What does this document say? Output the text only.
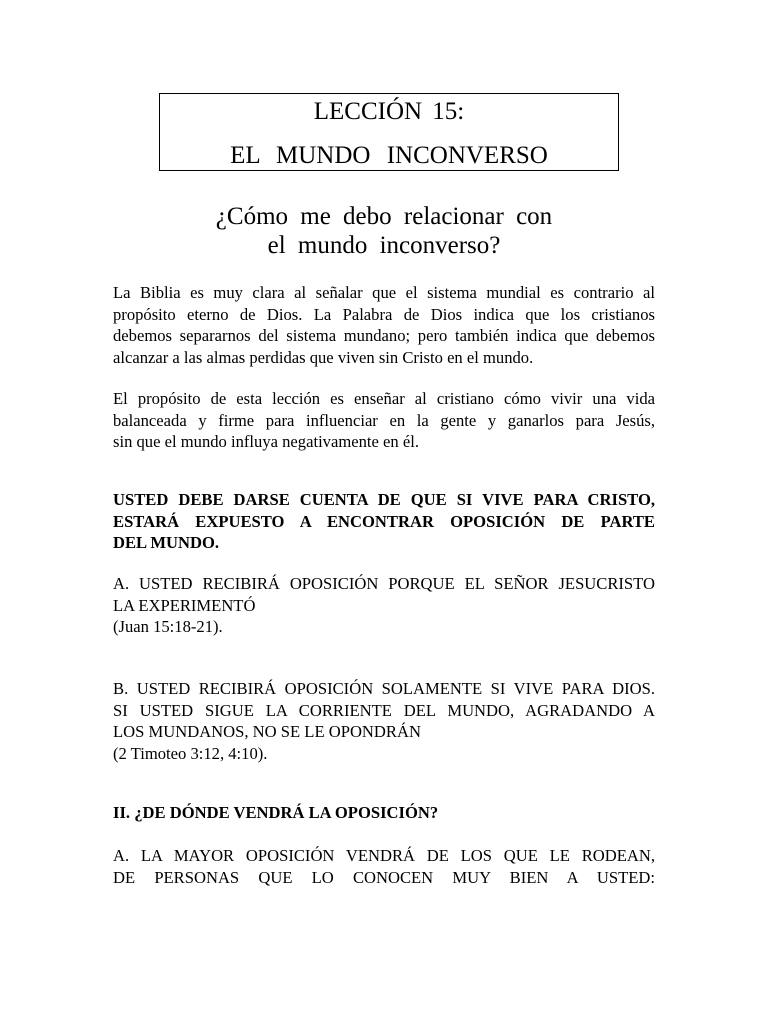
LECCIÓN 15:
EL MUNDO INCONVERSO
¿Cómo me debo relacionar con
el mundo inconverso?
La Biblia es muy clara al señalar que el sistema mundial es contrario al
propósito eterno de Dios. La Palabra de Dios indica que los cristianos
debemos separarnos del sistema mundano; pero también indica que debemos
alcanzar a las almas perdidas que viven sin Cristo en el mundo.
El propósito de esta lección es enseñar al cristiano cómo vivir una vida
balanceada y firme para influenciar en la gente y ganarlos para Jesús,
sin que el mundo influya negativamente en él.
USTED DEBE DARSE CUENTA DE QUE SI VIVE PARA CRISTO,
ESTARÁ EXPUESTO A ENCONTRAR OPOSICIÓN DE PARTE
DEL MUNDO.
A. USTED RECIBIRÁ OPOSICIÓN PORQUE EL SEÑOR JESUCRISTO
LA EXPERIMENTÓ
(Juan 15:18-21).
B. USTED RECIBIRÁ OPOSICIÓN SOLAMENTE SI VIVE PARA DIOS.
SI USTED SIGUE LA CORRIENTE DEL MUNDO, AGRADANDO A
LOS MUNDANOS, NO SE LE OPONDRÁN
(2 Timoteo 3:12, 4:10).
II. ¿DE DÓNDE VENDRÁ LA OPOSICIÓN?
A. LA MAYOR OPOSICIÓN VENDRÁ DE LOS QUE LE RODEAN,
DE PERSONAS QUE LO CONOCEN MUY BIEN A USTED:
